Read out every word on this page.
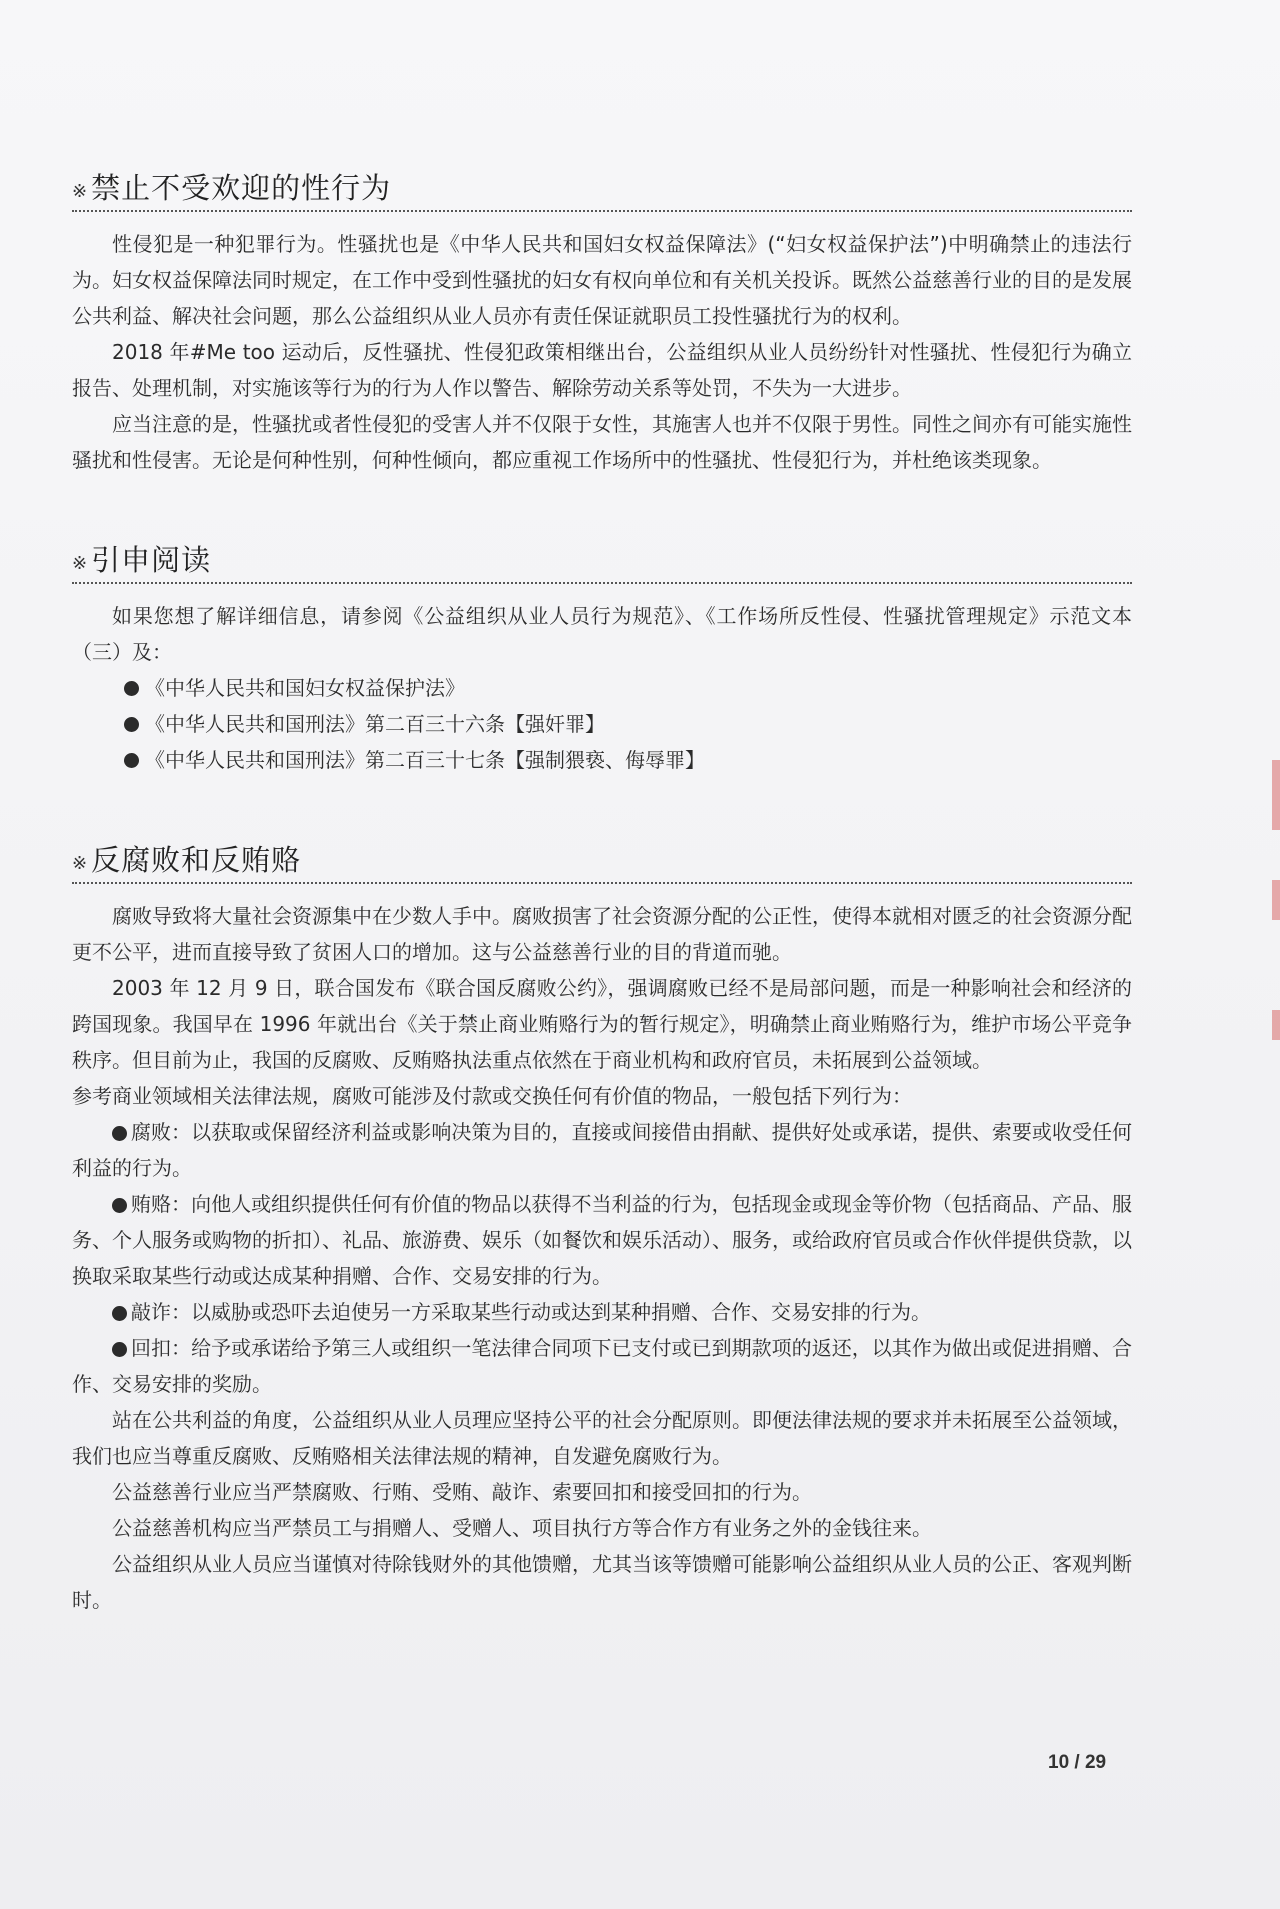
※ 禁止不受欢迎的性行为

性侵犯是一种犯罪行为。性骚扰也是《中华人民共和国妇女权益保障法》(“妇女权益保护法”)中明确禁止的违法行为。妇女权益保障法同时规定，在工作中受到性骚扰的妇女有权向单位和有关机关投诉。既然公益慈善行业的目的是发展公共利益、解决社会问题，那么公益组织从业人员亦有责任保证就职员工投性骚扰行为的权利。

2018 年#Me too 运动后，反性骚扰、性侵犯政策相继出台，公益组织从业人员纷纷针对性骚扰、性侵犯行为确立报告、处理机制，对实施该等行为的行为人作以警告、解除劳动关系等处罚，不失为一大进步。

应当注意的是，性骚扰或者性侵犯的受害人并不仅限于女性，其施害人也并不仅限于男性。同性之间亦有可能实施性骚扰和性侵害。无论是何种性别，何种性倾向，都应重视工作场所中的性骚扰、性侵犯行为，并杜绝该类现象。

※ 引申阅读

如果您想了解详细信息，请参阅《公益组织从业人员行为规范》、《工作场所反性侵、性骚扰管理规定》示范文本（三）及：

《中华人民共和国妇女权益保护法》
《中华人民共和国刑法》第二百三十六条【强奸罪】
《中华人民共和国刑法》第二百三十七条【强制猥亵、侮辱罪】
※ 反腐败和反贿赂

腐败导致将大量社会资源集中在少数人手中。腐败损害了社会资源分配的公正性，使得本就相对匮乏的社会资源分配更不公平，进而直接导致了贫困人口的增加。这与公益慈善行业的目的背道而驰。

2003 年 12 月 9 日，联合国发布《联合国反腐败公约》，强调腐败已经不是局部问题，而是一种影响社会和经济的跨国现象。我国早在 1996 年就出台《关于禁止商业贿赂行为的暂行规定》，明确禁止商业贿赂行为，维护市场公平竞争秩序。但目前为止，我国的反腐败、反贿赂执法重点依然在于商业机构和政府官员，未拓展到公益领域。

参考商业领域相关法律法规，腐败可能涉及付款或交换任何有价值的物品，一般包括下列行为：

腐败：以获取或保留经济利益或影响决策为目的，直接或间接借由捐献、提供好处或承诺，提供、索要或收受任何利益的行为。

贿赂：向他人或组织提供任何有价值的物品以获得不当利益的行为，包括现金或现金等价物（包括商品、产品、服务、个人服务或购物的折扣）、礼品、旅游费、娱乐（如餐饮和娱乐活动）、服务，或给政府官员或合作伙伴提供贷款，以换取采取某些行动或达成某种捐赠、合作、交易安排的行为。

敲诈：以威胁或恐吓去迫使另一方采取某些行动或达到某种捐赠、合作、交易安排的行为。

回扣：给予或承诺给予第三人或组织一笔法律合同项下已支付或已到期款项的返还，以其作为做出或促进捐赠、合作、交易安排的奖励。

站在公共利益的角度，公益组织从业人员理应坚持公平的社会分配原则。即便法律法规的要求并未拓展至公益领域，我们也应当尊重反腐败、反贿赂相关法律法规的精神，自发避免腐败行为。

公益慈善行业应当严禁腐败、行贿、受贿、敲诈、索要回扣和接受回扣的行为。

公益慈善机构应当严禁员工与捐赠人、受赠人、项目执行方等合作方有业务之外的金钱往来。

公益组织从业人员应当谨慎对待除钱财外的其他馈赠，尤其当该等馈赠可能影响公益组织从业人员的公正、客观判断时。

10 / 29
